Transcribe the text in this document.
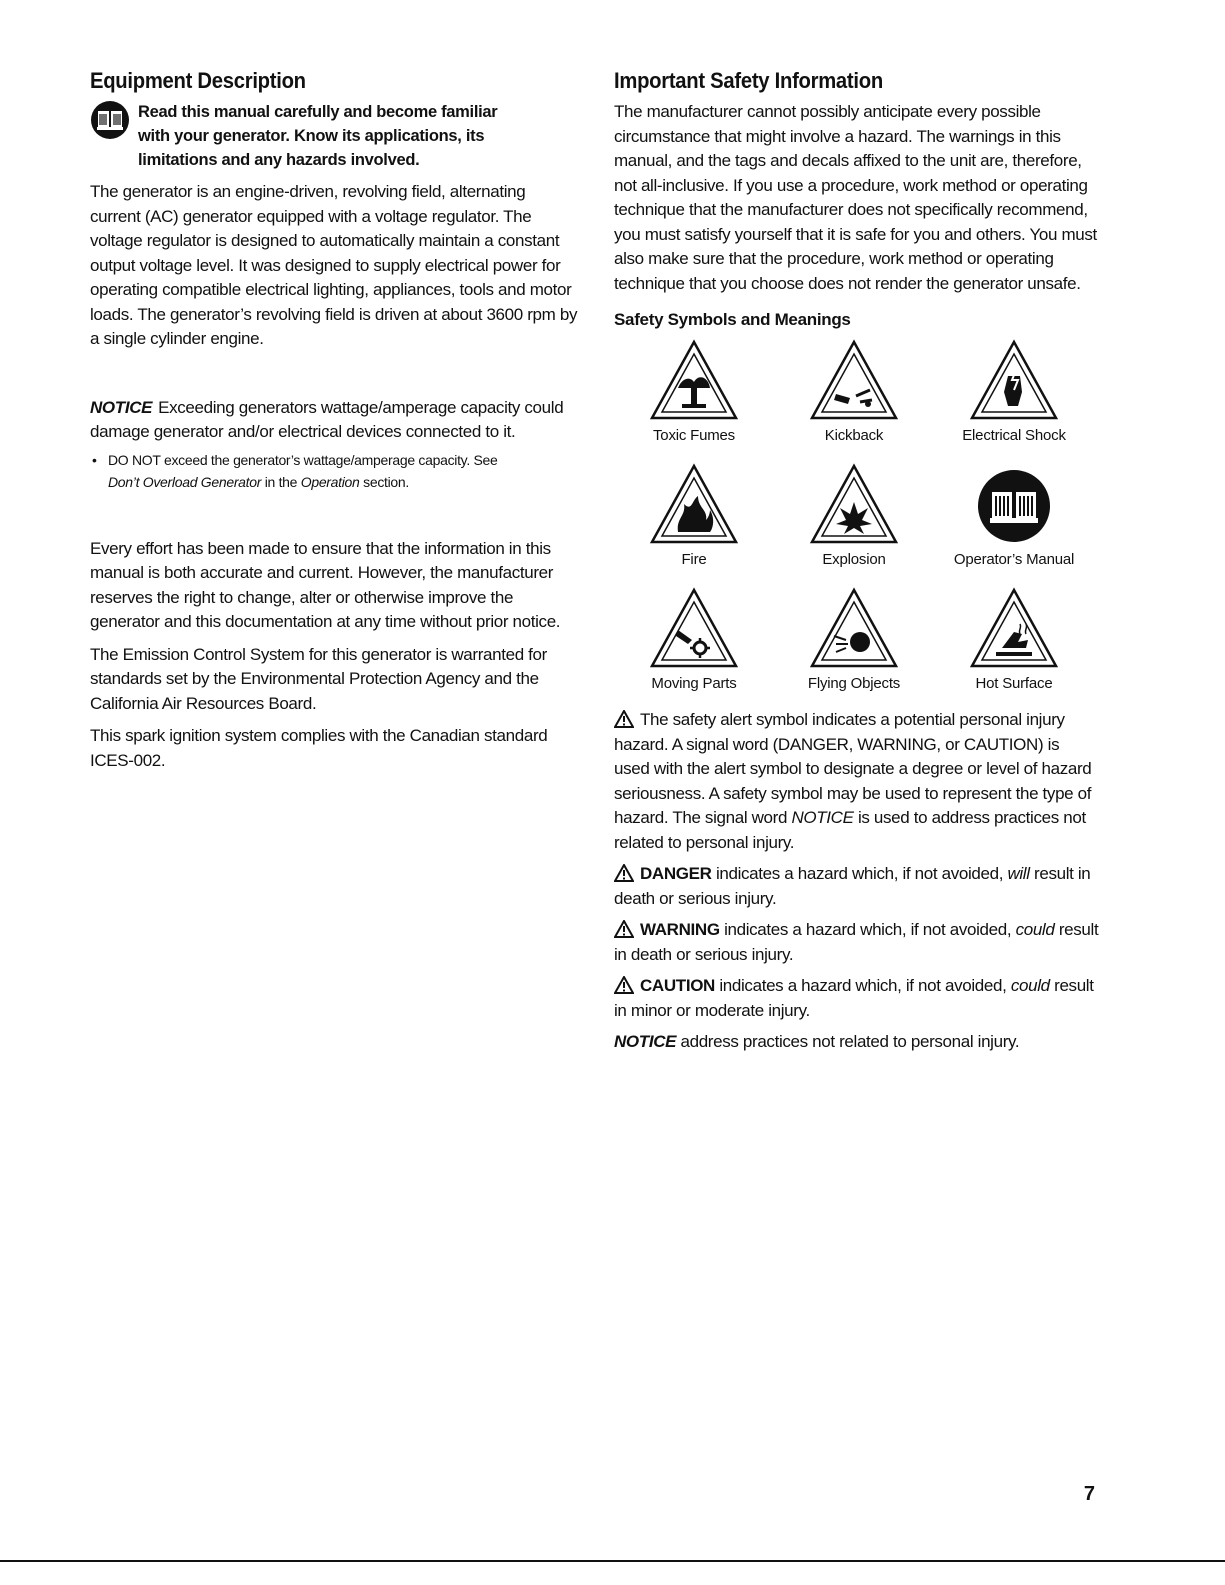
Equipment Description
Read this manual carefully and become familiar
with your generator. Know its applications, its
limitations and any hazards involved.

The generator is an engine-driven, revolving field, alternating current (AC) generator equipped with a voltage regulator. The voltage regulator is designed to automatically maintain a constant output voltage level. It was designed to supply electrical power for operating compatible electrical lighting, appliances, tools and motor loads. The generator’s revolving field is driven at about 3600 rpm by a single cylinder engine.

NOTICE Exceeding generators wattage/amperage capacity could damage generator and/or electrical devices connected to it.

• DO NOT exceed the generator’s wattage/amperage capacity. See
Don’t Overload Generator in the Operation section.

Every effort has been made to ensure that the information in this manual is both accurate and current. However, the manufacturer reserves the right to change, alter or otherwise improve the generator and this documentation at any time without prior notice.

The Emission Control System for this generator is warranted for standards set by the Environmental Protection Agency and the California Air Resources Board.

This spark ignition system complies with the Canadian standard ICES-002.

Important Safety Information

The manufacturer cannot possibly anticipate every possible circumstance that might involve a hazard. The warnings in this manual, and the tags and decals affixed to the unit are, therefore, not all-inclusive. If you use a procedure, work method or operating technique that the manufacturer does not specifically recommend, you must satisfy yourself that it is safe for you and others. You must also make sure that the procedure, work method or operating technique that you choose does not render the generator unsafe.

Safety Symbols and Meanings
Toxic Fumes	Kickback	Electrical Shock
Fire	Explosion	Operator’s Manual
Moving Parts	Flying Objects	Hot Surface

The safety alert symbol indicates a potential personal injury hazard. A signal word (DANGER, WARNING, or CAUTION) is used with the alert symbol to designate a degree or level of hazard seriousness. A safety symbol may be used to represent the type of hazard. The signal word NOTICE is used to address practices not related to personal injury.

DANGER indicates a hazard which, if not avoided, will result in death or serious injury.

WARNING indicates a hazard which, if not avoided, could result in death or serious injury.

CAUTION indicates a hazard which, if not avoided, could result in minor or moderate injury.

NOTICE address practices not related to personal injury.

7
